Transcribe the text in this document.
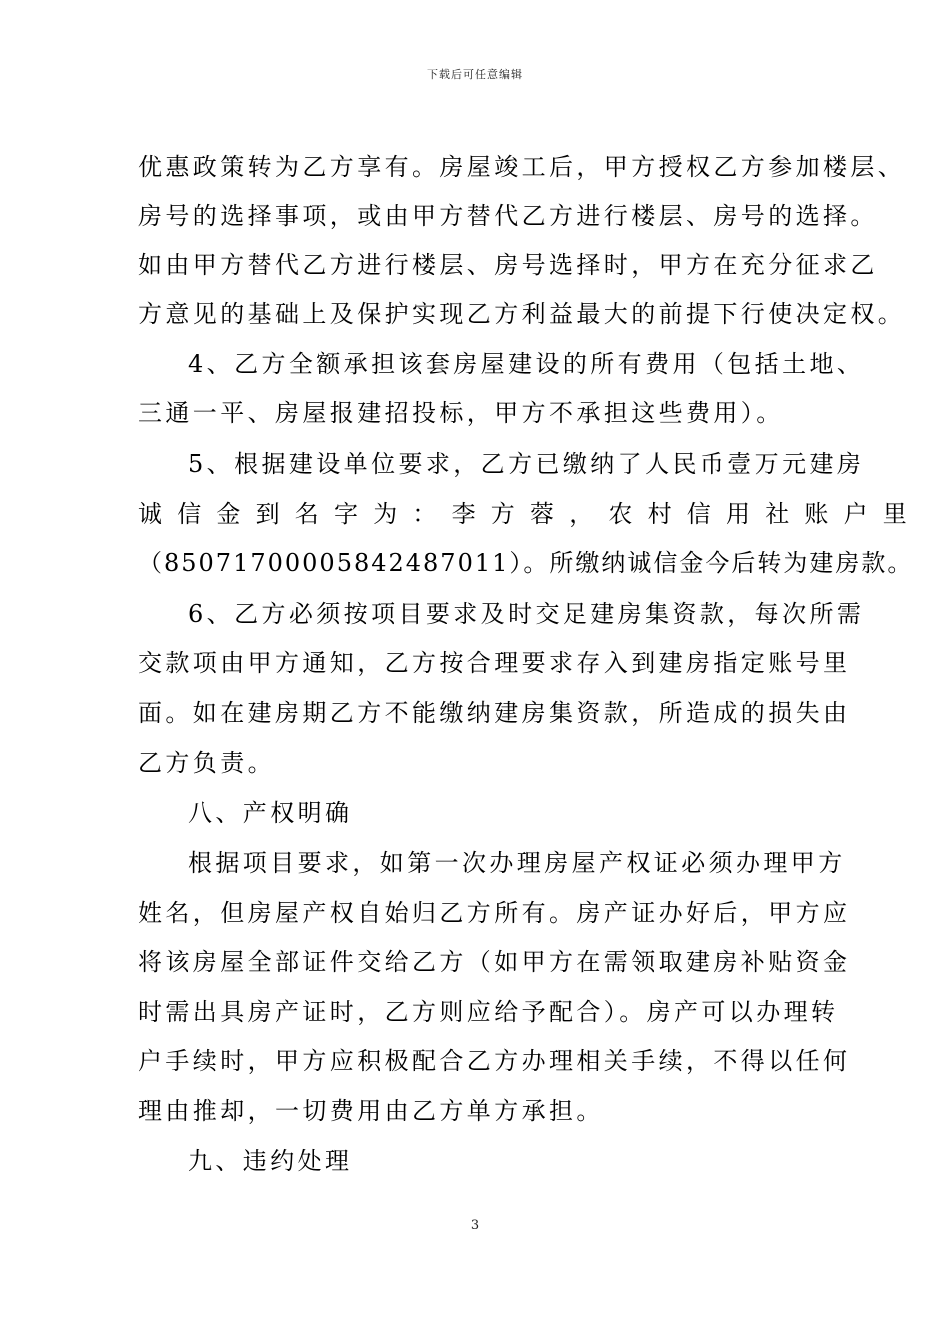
下载后可任意编辑
优惠政策转为乙方享有。房屋竣工后，甲方授权乙方参加楼层、
房号的选择事项，或由甲方替代乙方进行楼层、房号的选择。
如由甲方替代乙方进行楼层、房号选择时，甲方在充分征求乙
方意见的基础上及保护实现乙方利益最大的前提下行使决定权。
4、乙方全额承担该套房屋建设的所有费用（包括土地、
三通一平、房屋报建招投标，甲方不承担这些费用）。
5、根据建设单位要求，乙方已缴纳了人民币壹万元建房
诚信金到名字为：李方蓉，农村信用社账户里
（85071700005842487011）。所缴纳诚信金今后转为建房款。
6、乙方必须按项目要求及时交足建房集资款，每次所需
交款项由甲方通知，乙方按合理要求存入到建房指定账号里
面。如在建房期乙方不能缴纳建房集资款，所造成的损失由
乙方负责。
八、产权明确
根据项目要求，如第一次办理房屋产权证必须办理甲方
姓名，但房屋产权自始归乙方所有。房产证办好后，甲方应
将该房屋全部证件交给乙方（如甲方在需领取建房补贴资金
时需出具房产证时，乙方则应给予配合）。房产可以办理转
户手续时，甲方应积极配合乙方办理相关手续，不得以任何
理由推却，一切费用由乙方单方承担。
九、违约处理
3
